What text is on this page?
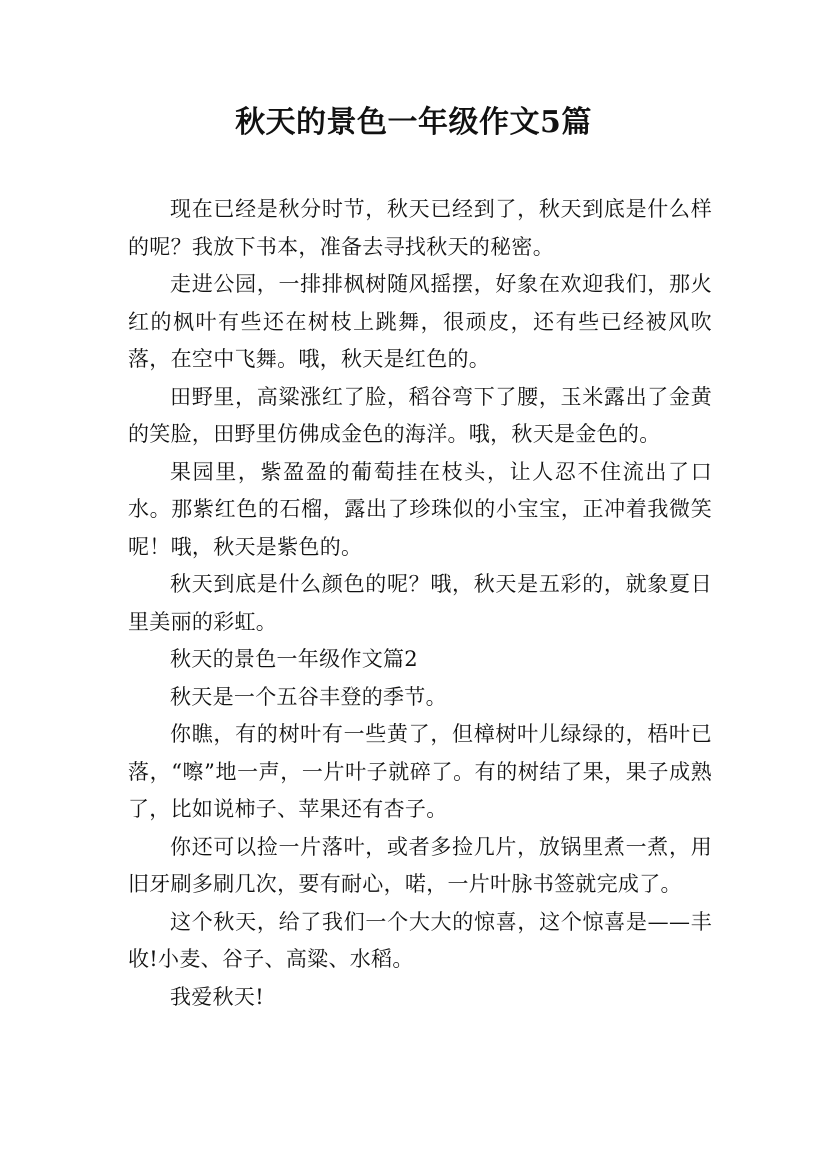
秋天的景色一年级作文5篇

现在已经是秋分时节，秋天已经到了，秋天到底是什么样的呢？我放下书本，准备去寻找秋天的秘密。

走进公园，一排排枫树随风摇摆，好象在欢迎我们，那火红的枫叶有些还在树枝上跳舞，很顽皮，还有些已经被风吹落，在空中飞舞。哦，秋天是红色的。

田野里，高粱涨红了脸，稻谷弯下了腰，玉米露出了金黄的笑脸，田野里仿佛成金色的海洋。哦，秋天是金色的。

果园里，紫盈盈的葡萄挂在枝头，让人忍不住流出了口水。那紫红色的石榴，露出了珍珠似的小宝宝，正冲着我微笑呢！哦，秋天是紫色的。

秋天到底是什么颜色的呢？哦，秋天是五彩的，就象夏日里美丽的彩虹。

秋天的景色一年级作文篇2

秋天是一个五谷丰登的季节。

你瞧，有的树叶有一些黄了，但樟树叶儿绿绿的，梧叶已落，“嚓”地一声，一片叶子就碎了。有的树结了果，果子成熟了，比如说柿子、苹果还有杏子。

你还可以捡一片落叶，或者多捡几片，放锅里煮一煮，用旧牙刷多刷几次，要有耐心，喏，一片叶脉书签就完成了。

这个秋天，给了我们一个大大的惊喜，这个惊喜是——丰收!小麦、谷子、高粱、水稻。

我爱秋天!
